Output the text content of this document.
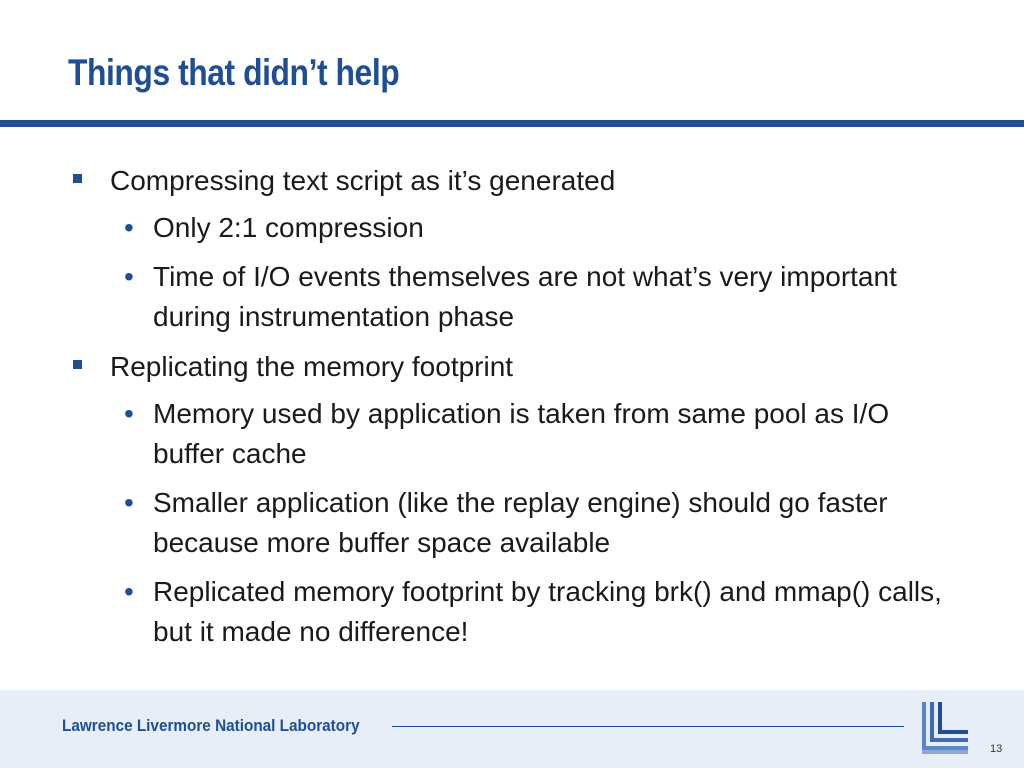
Things that didn’t help
Compressing text script as it’s generated
• Only 2:1 compression
• Time of I/O events themselves are not what’s very important during instrumentation phase
Replicating the memory footprint
• Memory used by application is taken from same pool as I/O buffer cache
• Smaller application (like the replay engine) should go faster because more buffer space available
• Replicated memory footprint by tracking brk() and mmap() calls, but it made no difference!
Lawrence Livermore National Laboratory
13
